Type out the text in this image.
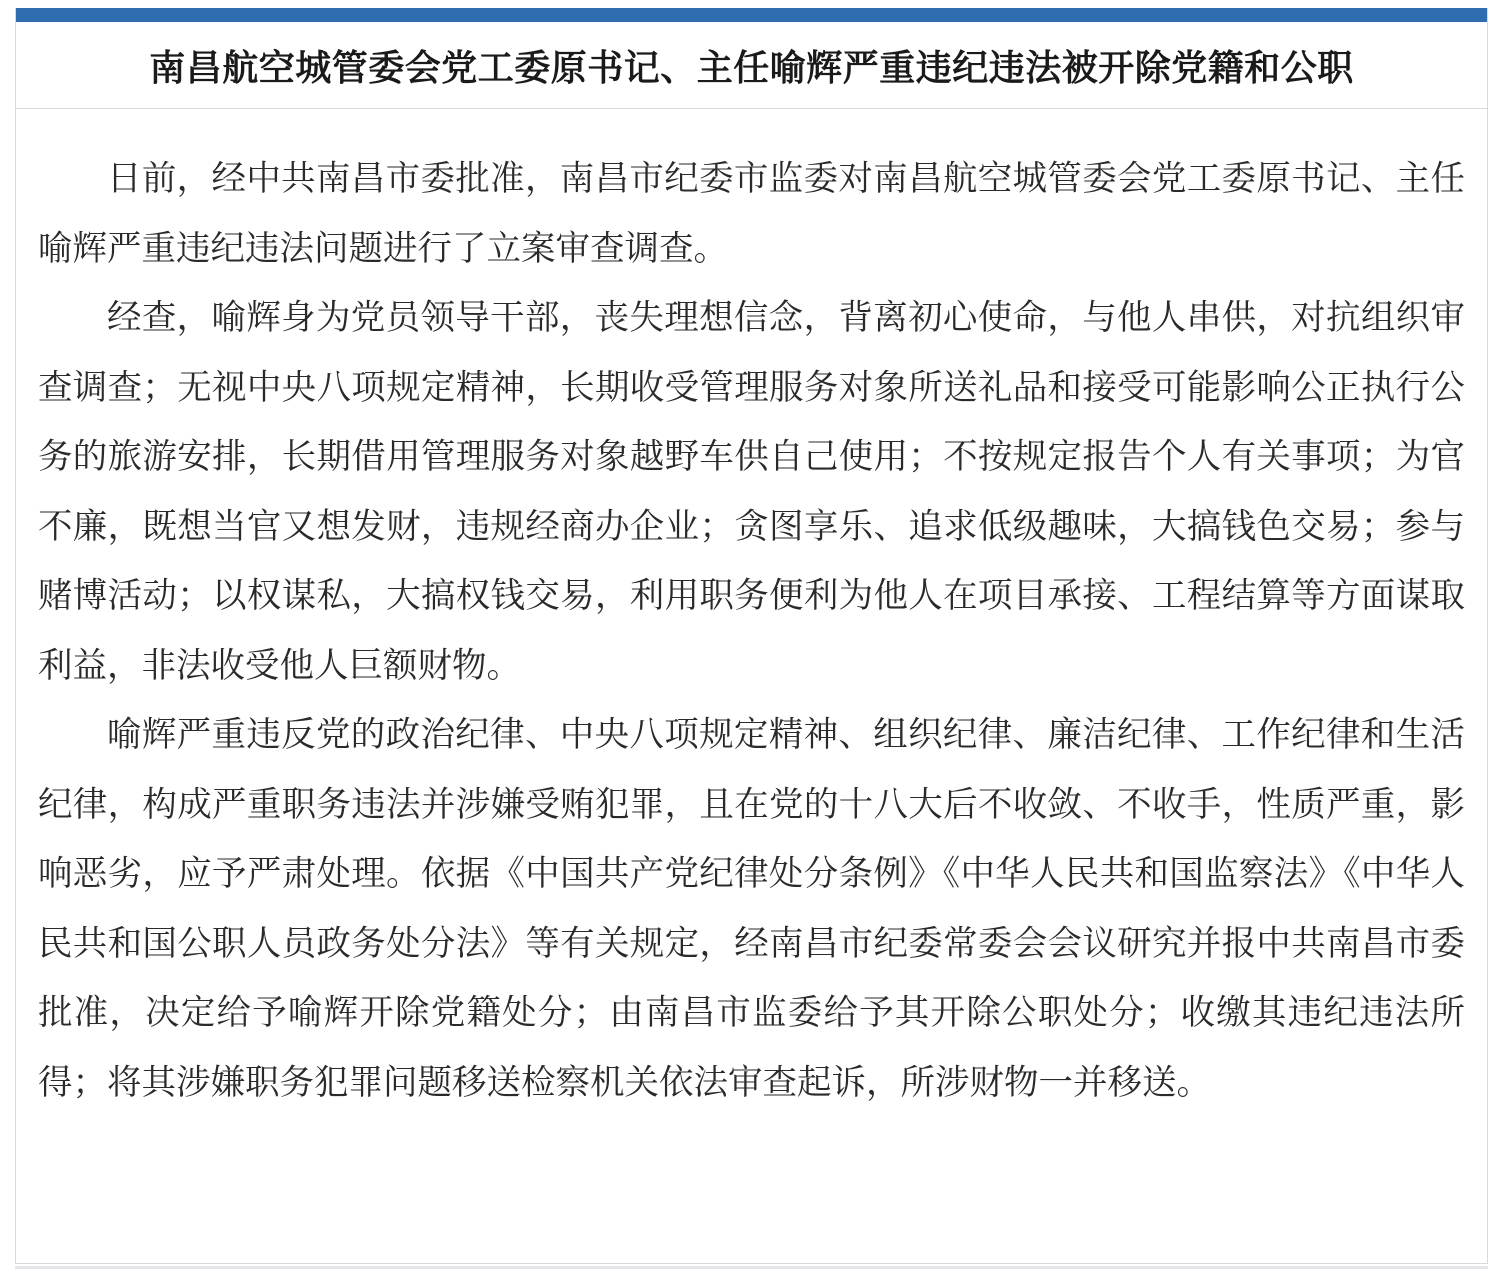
南昌航空城管委会党工委原书记、主任喻辉严重违纪违法被开除党籍和公职

日前，经中共南昌市委批准，南昌市纪委市监委对南昌航空城管委会党工委原书记、主任喻辉严重违纪违法问题进行了立案审查调查。

经查，喻辉身为党员领导干部，丧失理想信念，背离初心使命，与他人串供，对抗组织审查调查；无视中央八项规定精神，长期收受管理服务对象所送礼品和接受可能影响公正执行公务的旅游安排，长期借用管理服务对象越野车供自己使用；不按规定报告个人有关事项；为官不廉，既想当官又想发财，违规经商办企业；贪图享乐、追求低级趣味，大搞钱色交易；参与赌博活动；以权谋私，大搞权钱交易，利用职务便利为他人在项目承接、工程结算等方面谋取利益，非法收受他人巨额财物。

喻辉严重违反党的政治纪律、中央八项规定精神、组织纪律、廉洁纪律、工作纪律和生活纪律，构成严重职务违法并涉嫌受贿犯罪，且在党的十八大后不收敛、不收手，性质严重，影响恶劣，应予严肃处理。依据《中国共产党纪律处分条例》《中华人民共和国监察法》《中华人民共和国公职人员政务处分法》等有关规定，经南昌市纪委常委会会议研究并报中共南昌市委批准，决定给予喻辉开除党籍处分；由南昌市监委给予其开除公职处分；收缴其违纪违法所得；将其涉嫌职务犯罪问题移送检察机关依法审查起诉，所涉财物一并移送。
